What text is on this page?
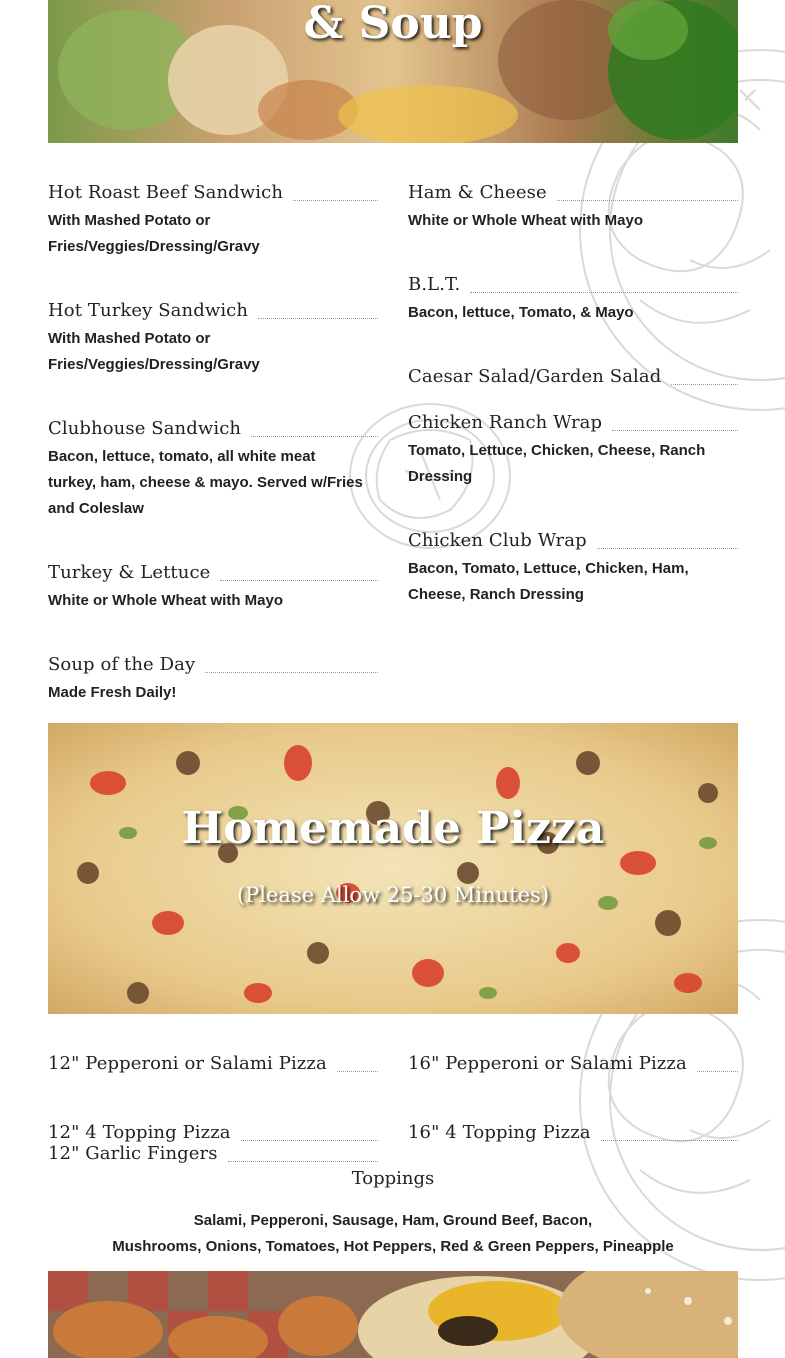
& Soup
Hot Roast Beef Sandwich
With Mashed Potato or Fries/Veggies/Dressing/Gravy
Hot Turkey Sandwich
With Mashed Potato or Fries/Veggies/Dressing/Gravy
Clubhouse Sandwich
Bacon, lettuce, tomato, all white meat turkey, ham, cheese & mayo. Served w/Fries and Coleslaw
Turkey & Lettuce
White or Whole Wheat with Mayo
Soup of the Day
Made Fresh Daily!
Ham & Cheese
White or Whole Wheat with Mayo
B.L.T.
Bacon, lettuce, Tomato, & Mayo
Caesar Salad/Garden Salad
Chicken Ranch Wrap
Tomato, Lettuce, Chicken, Cheese, Ranch Dressing
Chicken Club Wrap
Bacon, Tomato, Lettuce, Chicken, Ham, Cheese, Ranch Dressing
Homemade Pizza
(Please Allow 25-30 Minutes)
12" Pepperoni or Salami Pizza	16" Pepperoni or Salami Pizza
12" 4 Topping Pizza	16" 4 Topping Pizza
12" Garlic Fingers
Toppings
Salami, Pepperoni, Sausage, Ham, Ground Beef, Bacon,
Mushrooms, Onions, Tomatoes, Hot Peppers, Red & Green Peppers, Pineapple
